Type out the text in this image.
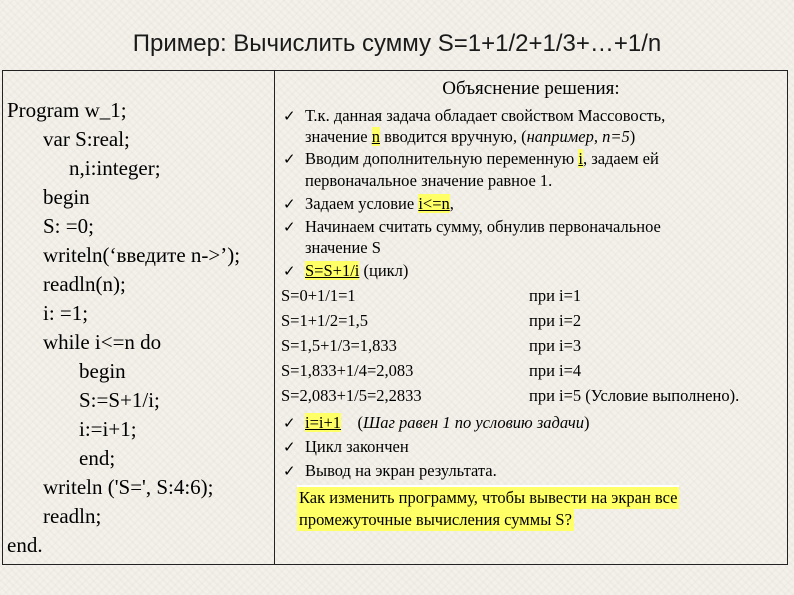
Пример: Вычислить сумму S=1+1/2+1/3+…+1/n
Program w_1;
var S:real;
n,i:integer;
begin
S: =0;
writeln(‘введите n->’);
readln(n);
i: =1;
while i<=n do
begin
S:=S+1/i;
i:=i+1;
end;
writeln ('S=', S:4:6);
readln;
end.
Объяснение решения:
✓ Т.к. данная задача обладает свойством Массовость,
значение n вводится вручную, (например, n=5)
✓ Вводим дополнительную переменную i, задаем ей
первоначальное значение равное 1.
✓ Задаем условие i<=n,
✓ Начинаем считать сумму, обнулив первоначальное
значение S
✓ S=S+1/i (цикл)
S=0+1/1=1	при i=1
S=1+1/2=1,5	при i=2
S=1,5+1/3=1,833	при i=3
S=1,833+1/4=2,083	при i=4
S=2,083+1/5=2,2833	при i=5 (Условие выполнено).
✓ i=i+1    (Шаг равен 1 по условию задачи)
✓ Цикл закончен
✓ Вывод на экран результата.
Как изменить программу, чтобы вывести на экран все
промежуточные вычисления суммы S?
